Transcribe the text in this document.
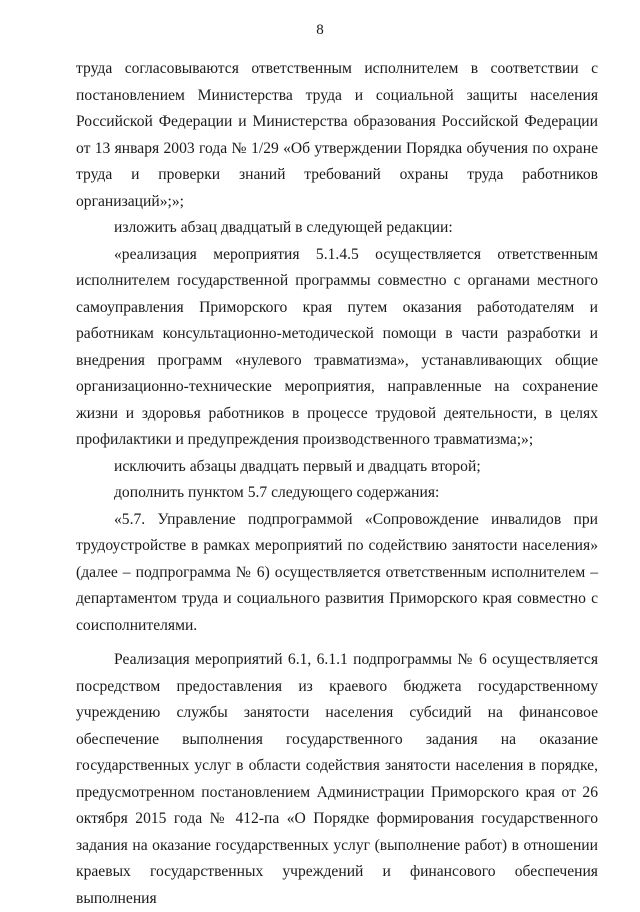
8

труда согласовываются ответственным исполнителем в соответствии с постановлением Министерства труда и социальной защиты населения Российской Федерации и Министерства образования Российской Федерации от 13 января 2003 года № 1/29 «Об утверждении Порядка обучения по охране труда и проверки знаний требований охраны труда работников организаций»;»;

изложить абзац двадцатый в следующей редакции:

«реализация мероприятия 5.1.4.5 осуществляется ответственным исполнителем государственной программы совместно с органами местного самоуправления Приморского края путем оказания работодателям и работникам консультационно-методической помощи в части разработки и внедрения программ «нулевого травматизма», устанавливающих общие организационно-технические мероприятия, направленные на сохранение жизни и здоровья работников в процессе трудовой деятельности, в целях профилактики и предупреждения производственного травматизма;»;

исключить абзацы двадцать первый и двадцать второй;

дополнить пунктом 5.7 следующего содержания:

«5.7. Управление подпрограммой «Сопровождение инвалидов при трудоустройстве в рамках мероприятий по содействию занятости населения» (далее – подпрограмма № 6) осуществляется ответственным исполнителем – департаментом труда и социального развития Приморского края совместно с соисполнителями.

Реализация мероприятий 6.1, 6.1.1 подпрограммы № 6 осуществляется посредством предоставления из краевого бюджета государственному учреждению службы занятости населения субсидий на финансовое обеспечение выполнения государственного задания на оказание государственных услуг в области содействия занятости населения в порядке, предусмотренном постановлением Администрации Приморского края от 26 октября 2015 года № 412-па «О Порядке формирования государственного задания на оказание государственных услуг (выполнение работ) в отношении краевых государственных учреждений и финансового обеспечения выполнения
